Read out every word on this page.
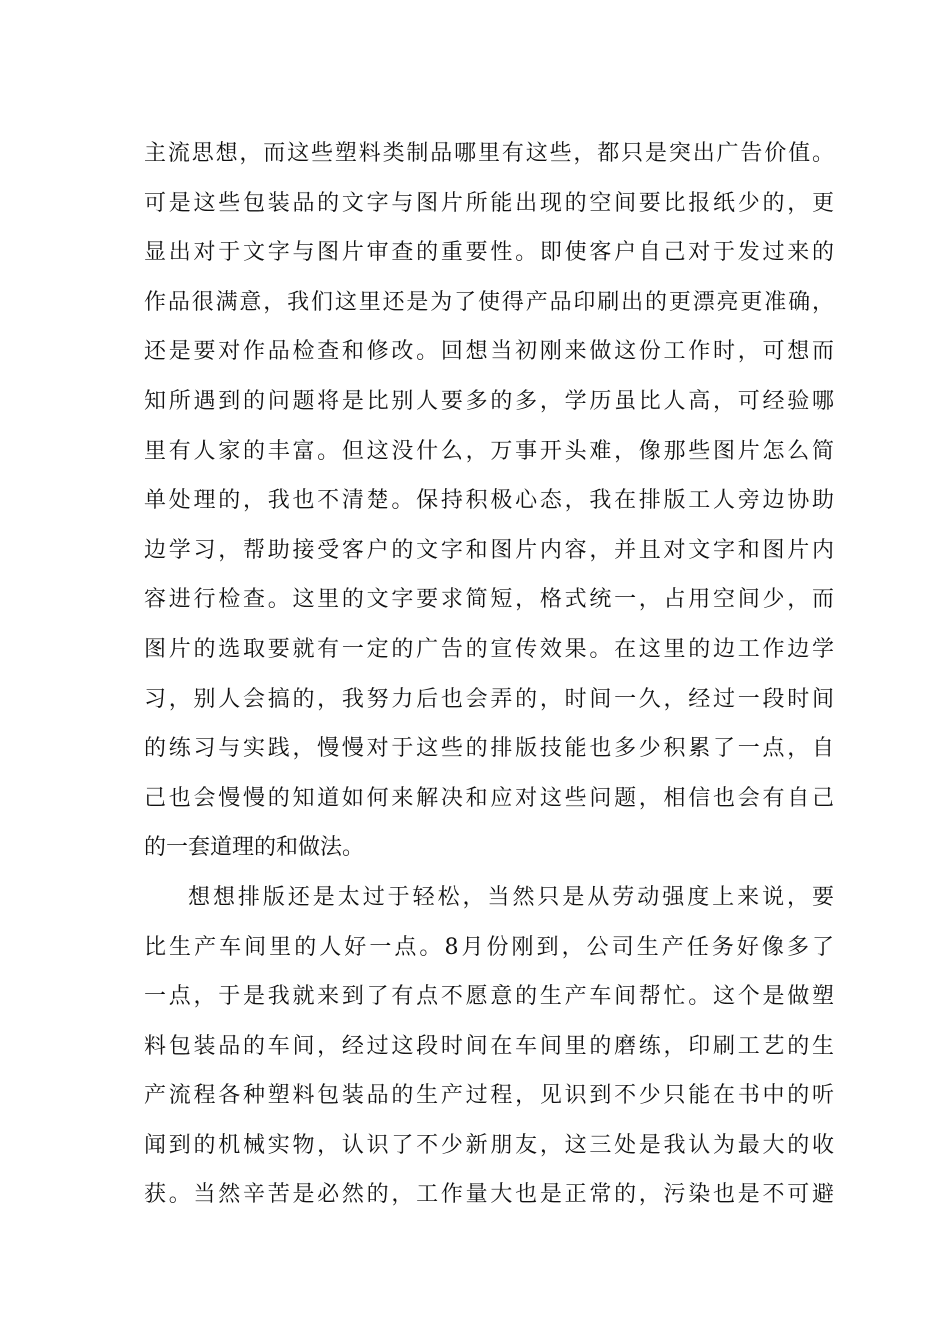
主流思想，而这些塑料类制品哪里有这些，都只是突出广告价值。
可是这些包装品的文字与图片所能出现的空间要比报纸少的，更
显出对于文字与图片审查的重要性。即使客户自己对于发过来的
作品很满意，我们这里还是为了使得产品印刷出的更漂亮更准确，
还是要对作品检查和修改。回想当初刚来做这份工作时，可想而
知所遇到的问题将是比别人要多的多，学历虽比人高，可经验哪
里有人家的丰富。但这没什么，万事开头难，像那些图片怎么简
单处理的，我也不清楚。保持积极心态，我在排版工人旁边协助
边学习，帮助接受客户的文字和图片内容，并且对文字和图片内
容进行检查。这里的文字要求简短，格式统一，占用空间少，而
图片的选取要就有一定的广告的宣传效果。在这里的边工作边学
习，别人会搞的，我努力后也会弄的，时间一久，经过一段时间
的练习与实践，慢慢对于这些的排版技能也多少积累了一点，自
己也会慢慢的知道如何来解决和应对这些问题，相信也会有自己
的一套道理的和做法。
想想排版还是太过于轻松，当然只是从劳动强度上来说，要
比生产车间里的人好一点。8月份刚到，公司生产任务好像多了
一点，于是我就来到了有点不愿意的生产车间帮忙。这个是做塑
料包装品的车间，经过这段时间在车间里的磨练，印刷工艺的生
产流程各种塑料包装品的生产过程，见识到不少只能在书中的听
闻到的机械实物，认识了不少新朋友，这三处是我认为最大的收
获。当然辛苦是必然的，工作量大也是正常的，污染也是不可避
